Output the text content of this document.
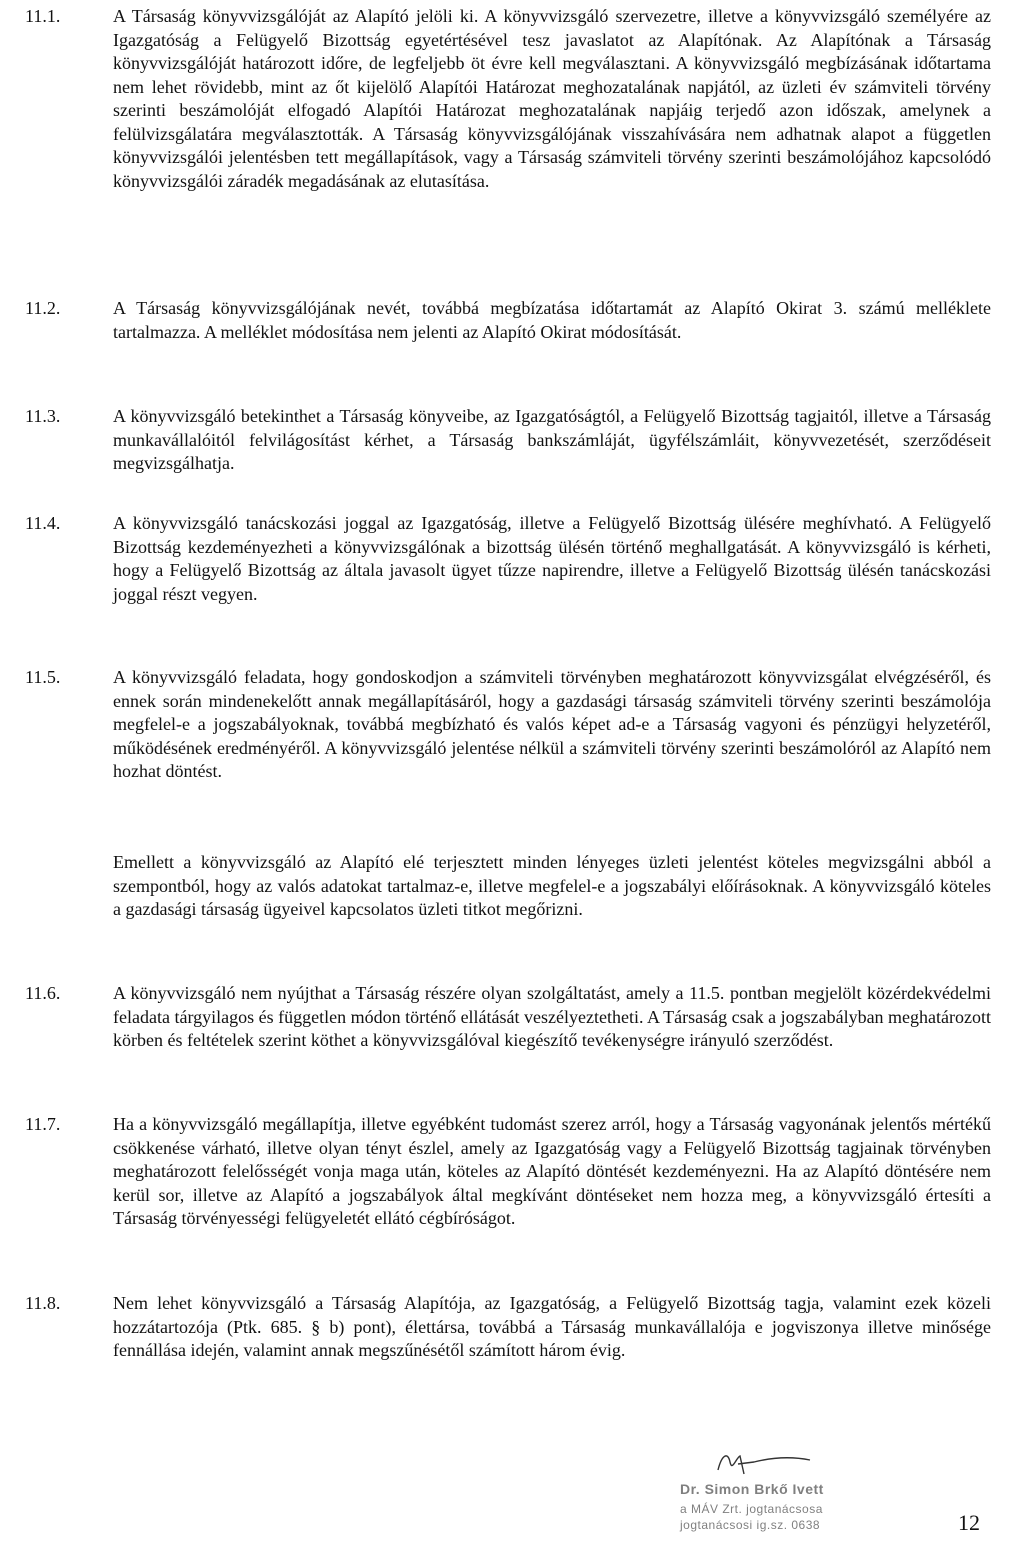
11.1.	A Társaság könyvvizsgálóját az Alapító jelöli ki. A könyvvizsgáló szervezetre, illetve a könyvvizsgáló személyére az Igazgatóság a Felügyelő Bizottság egyetértésével tesz javaslatot az Alapítónak. Az Alapítónak a Társaság könyvvizsgálóját határozott időre, de legfeljebb öt évre kell megválasztani. A könyvvizsgáló megbízásának időtartama nem lehet rövidebb, mint az őt kijelölő Alapítói Határozat meghozatalának napjától, az üzleti év számviteli törvény szerinti beszámolóját elfogadó Alapítói Határozat meghozatalának napjáig terjedő azon időszak, amelynek a felülvizsgálatára megválasztották. A Társaság könyvvizsgálójának visszahívására nem adhatnak alapot a független könyvvizsgálói jelentésben tett megállapítások, vagy a Társaság számviteli törvény szerinti beszámolójához kapcsolódó könyvvizsgálói záradék megadásának az elutasítása.

11.2.	A Társaság könyvvizsgálójának nevét, továbbá megbízatása időtartamát az Alapító Okirat 3. számú melléklete tartalmazza. A melléklet módosítása nem jelenti az Alapító Okirat módosítását.

11.3.	A könyvvizsgáló betekinthet a Társaság könyveibe, az Igazgatóságtól, a Felügyelő Bizottság tagjaitól, illetve a Társaság munkavállalóitól felvilágosítást kérhet, a Társaság bankszámláját, ügyfélszámláit, könyvvezetését, szerződéseit megvizsgálhatja.

11.4.	A könyvvizsgáló tanácskozási joggal az Igazgatóság, illetve a Felügyelő Bizottság ülésére meghívható. A Felügyelő Bizottság kezdeményezheti a könyvvizsgálónak a bizottság ülésén történő meghallgatását. A könyvvizsgáló is kérheti, hogy a Felügyelő Bizottság az általa javasolt ügyet tűzze napirendre, illetve a Felügyelő Bizottság ülésén tanácskozási joggal részt vegyen.

11.5.	A könyvvizsgáló feladata, hogy gondoskodjon a számviteli törvényben meghatározott könyvvizsgálat elvégzéséről, és ennek során mindenekelőtt annak megállapításáról, hogy a gazdasági társaság számviteli törvény szerinti beszámolója megfelel-e a jogszabályoknak, továbbá megbízható és valós képet ad-e a Társaság vagyoni és pénzügyi helyzetéről, működésének eredményéről. A könyvvizsgáló jelentése nélkül a számviteli törvény szerinti beszámolóról az Alapító nem hozhat döntést.

Emellett a könyvvizsgáló az Alapító elé terjesztett minden lényeges üzleti jelentést köteles megvizsgálni abból a szempontból, hogy az valós adatokat tartalmaz-e, illetve megfelel-e a jogszabályi előírásoknak. A könyvvizsgáló köteles a gazdasági társaság ügyeivel kapcsolatos üzleti titkot megőrizni.

11.6.	A könyvvizsgáló nem nyújthat a Társaság részére olyan szolgáltatást, amely a 11.5. pontban megjelölt közérdekvédelmi feladata tárgyilagos és független módon történő ellátását veszélyeztetheti. A Társaság csak a jogszabályban meghatározott körben és feltételek szerint köthet a könyvvizsgálóval kiegészítő tevékenységre irányuló szerződést.

11.7.	Ha a könyvvizsgáló megállapítja, illetve egyébként tudomást szerez arról, hogy a Társaság vagyonának jelentős mértékű csökkenése várható, illetve olyan tényt észlel, amely az Igazgatóság vagy a Felügyelő Bizottság tagjainak törvényben meghatározott felelősségét vonja maga után, köteles az Alapító döntését kezdeményezni. Ha az Alapító döntésére nem kerül sor, illetve az Alapító a jogszabályok által megkívánt döntéseket nem hozza meg, a könyvvizsgáló értesíti a Társaság törvényességi felügyeletét ellátó cégbíróságot.

11.8.	Nem lehet könyvvizsgáló a Társaság Alapítója, az Igazgatóság, a Felügyelő Bizottság tagja, valamint ezek közeli hozzátartozója (Ptk. 685. § b) pont), élettársa, továbbá a Társaság munkavállalója e jogviszonya illetve minősége fennállása idején, valamint annak megszűnésétől számított három évig.

Dr. Simon Brkő Ivett
a MÁV Zrt. jogtanácsosa
jogtanácsosi ig.sz. 0638	12
